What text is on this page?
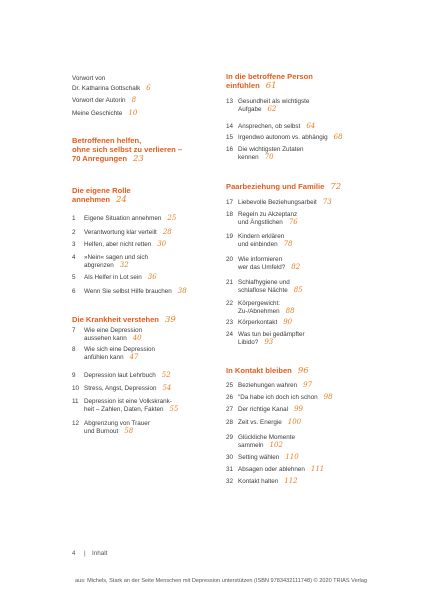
Vorwort von
Dr. Katharina Gottschalk 6
Vorwort der Autorin 8
Meine Geschichte 10
Betroffenen helfen,
ohne sich selbst zu verlieren –
70 Anregungen 23
Die eigene Rolle
annehmen 24
1 Eigene Situation annehmen 25
2 Verantwortung klar verteilt 28
3 Helfen, aber nicht retten 30
4 »Nein« sagen und sich
abgrenzen 32
5 Als Helfer in Lot sein 36
6 Wenn Sie selbst Hilfe brauchen 38
Die Krankheit verstehen 39
7 Wie eine Depression
aussehen kann 40
8 Wie sich eine Depression
anfühlen kann 47
9 Depression laut Lehrbuch 52
10 Stress, Angst, Depression 54
11 Depression ist eine Volkskrank-
heit – Zahlen, Daten, Fakten 55
12 Abgrenzung von Trauer
und Burnout 58
In die betroffene Person
einfühlen 61
13 Gesundheit als wichtigste
Aufgabe 62
14 Ansprechen, ob selbst 64
15 Irgendwo autonom vs. abhängig 68
16 Die wichtigsten Zutaten
kennen 70
Paarbeziehung und Familie 72
17 Liebevolle Beziehungsarbeit 73
18 Regeln zu Akzeptanz
und Ängstlichen 76
19 Kindern erklären
und einbinden 78
20 Wie informieren
wer das Umfeld? 82
21 Schlafhygiene und
schlaflose Nächte 85
22 Körpergewicht:
Zu-/Abnehmen 88
23 Körperkontakt 90
24 Was tun bei gedämpfter
Libido? 93
In Kontakt bleiben 96
25 Beziehungen wahren 97
26 "Da habe ich doch ich schon 98
27 Der richtige Kanal 99
28 Zeit vs. Energie 100
29 Glückliche Momente
sammeln 102
30 Setting wählen 110
31 Absagen oder ablehnen 111
32 Kontakt halten 112
4 | Inhalt
aus: Michels, Stark an der Seite Menschen mit Depression unterstützen (ISBN 9783432111748) © 2020 TRIAS Verlag
